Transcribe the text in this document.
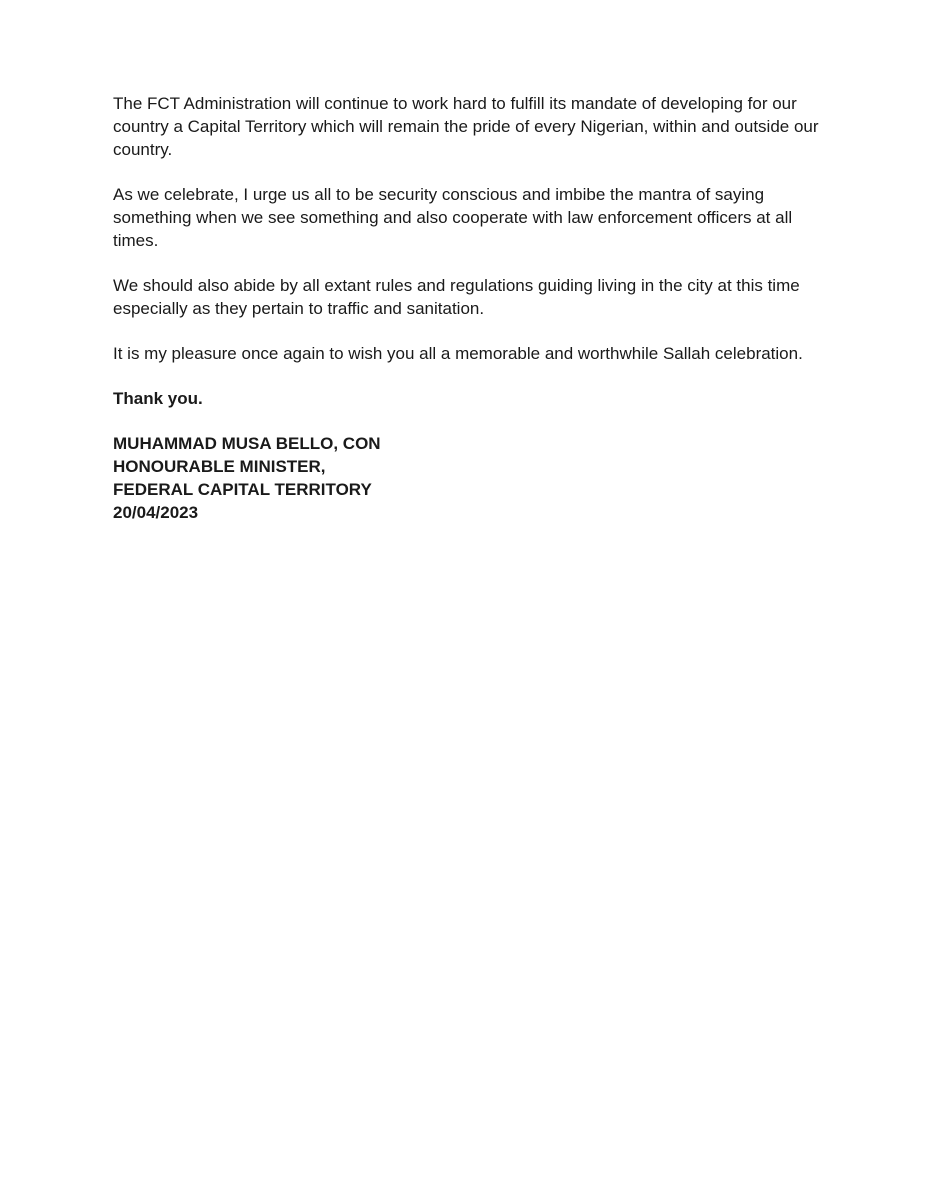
The FCT Administration will continue to work hard to fulfill its mandate of developing for our country a Capital Territory which will remain the pride of every Nigerian, within and outside our country.

As we celebrate, I urge us all to be security conscious and imbibe the mantra of saying something when we see something and also cooperate with law enforcement officers at all times.

We should also abide by all extant rules and regulations guiding living in the city at this time especially as they pertain to traffic and sanitation.

It is my pleasure once again to wish you all a memorable and worthwhile Sallah celebration.

Thank you.

MUHAMMAD MUSA BELLO, CON
HONOURABLE MINISTER,
FEDERAL CAPITAL TERRITORY
20/04/2023
